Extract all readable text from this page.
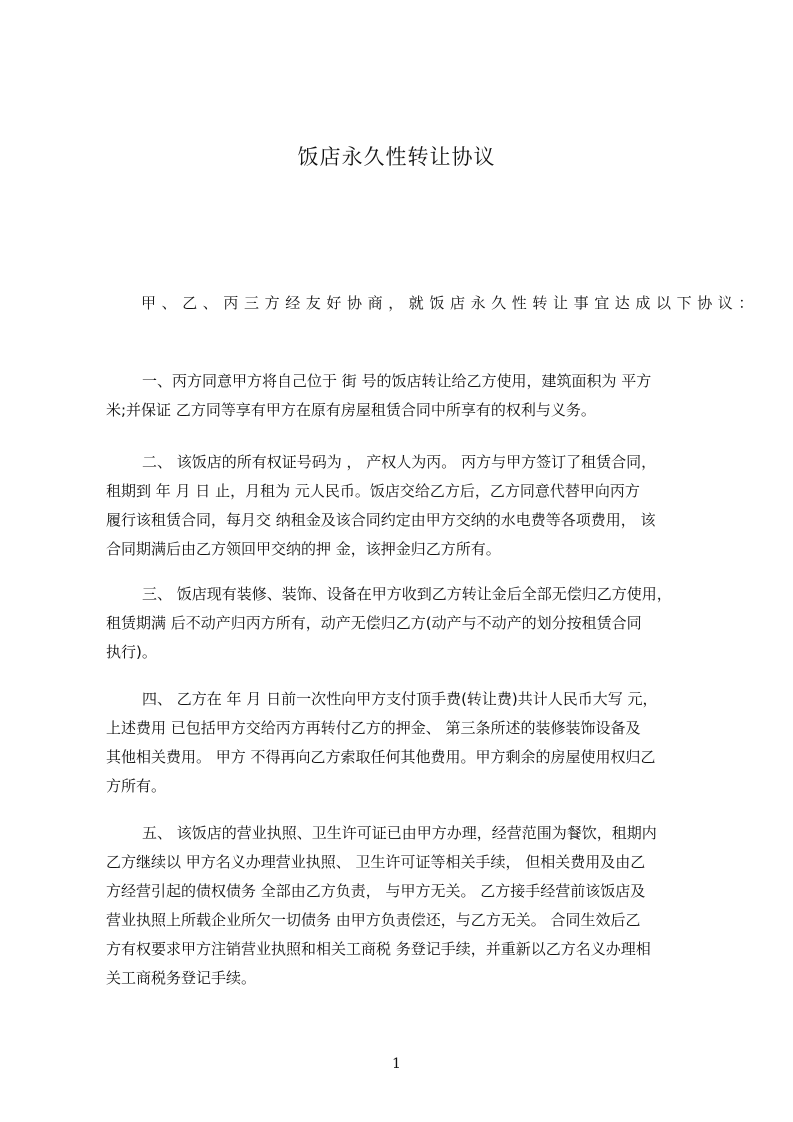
饭店永久性转让协议
甲、乙、丙三方经友好协商，就饭店永久性转让事宜达成以下协议：
一、丙方同意甲方将自己位于 街 号的饭店转让给乙方使用，建筑面积为 平方
米;并保证 乙方同等享有甲方在原有房屋租赁合同中所享有的权利与义务。
二、 该饭店的所有权证号码为 ， 产权人为丙。 丙方与甲方签订了租赁合同，
租期到 年 月 日 止，月租为 元人民币。饭店交给乙方后，乙方同意代替甲向丙方
履行该租赁合同，每月交 纳租金及该合同约定由甲方交纳的水电费等各项费用， 该
合同期满后由乙方领回甲交纳的押 金，该押金归乙方所有。
三、 饭店现有装修、装饰、设备在甲方收到乙方转让金后全部无偿归乙方使用，
租赁期满 后不动产归丙方所有，动产无偿归乙方(动产与不动产的划分按租赁合同
执行)。
四、 乙方在 年 月 日前一次性向甲方支付顶手费(转让费)共计人民币大写 元，
上述费用 已包括甲方交给丙方再转付乙方的押金、 第三条所述的装修装饰设备及
其他相关费用。 甲方 不得再向乙方索取任何其他费用。甲方剩余的房屋使用权归乙
方所有。
五、 该饭店的营业执照、卫生许可证已由甲方办理，经营范围为餐饮，租期内
乙方继续以 甲方名义办理营业执照、 卫生许可证等相关手续， 但相关费用及由乙
方经营引起的债权债务 全部由乙方负责， 与甲方无关。 乙方接手经营前该饭店及
营业执照上所载企业所欠一切债务 由甲方负责偿还，与乙方无关。 合同生效后乙
方有权要求甲方注销营业执照和相关工商税 务登记手续，并重新以乙方名义办理相
关工商税务登记手续。
1
